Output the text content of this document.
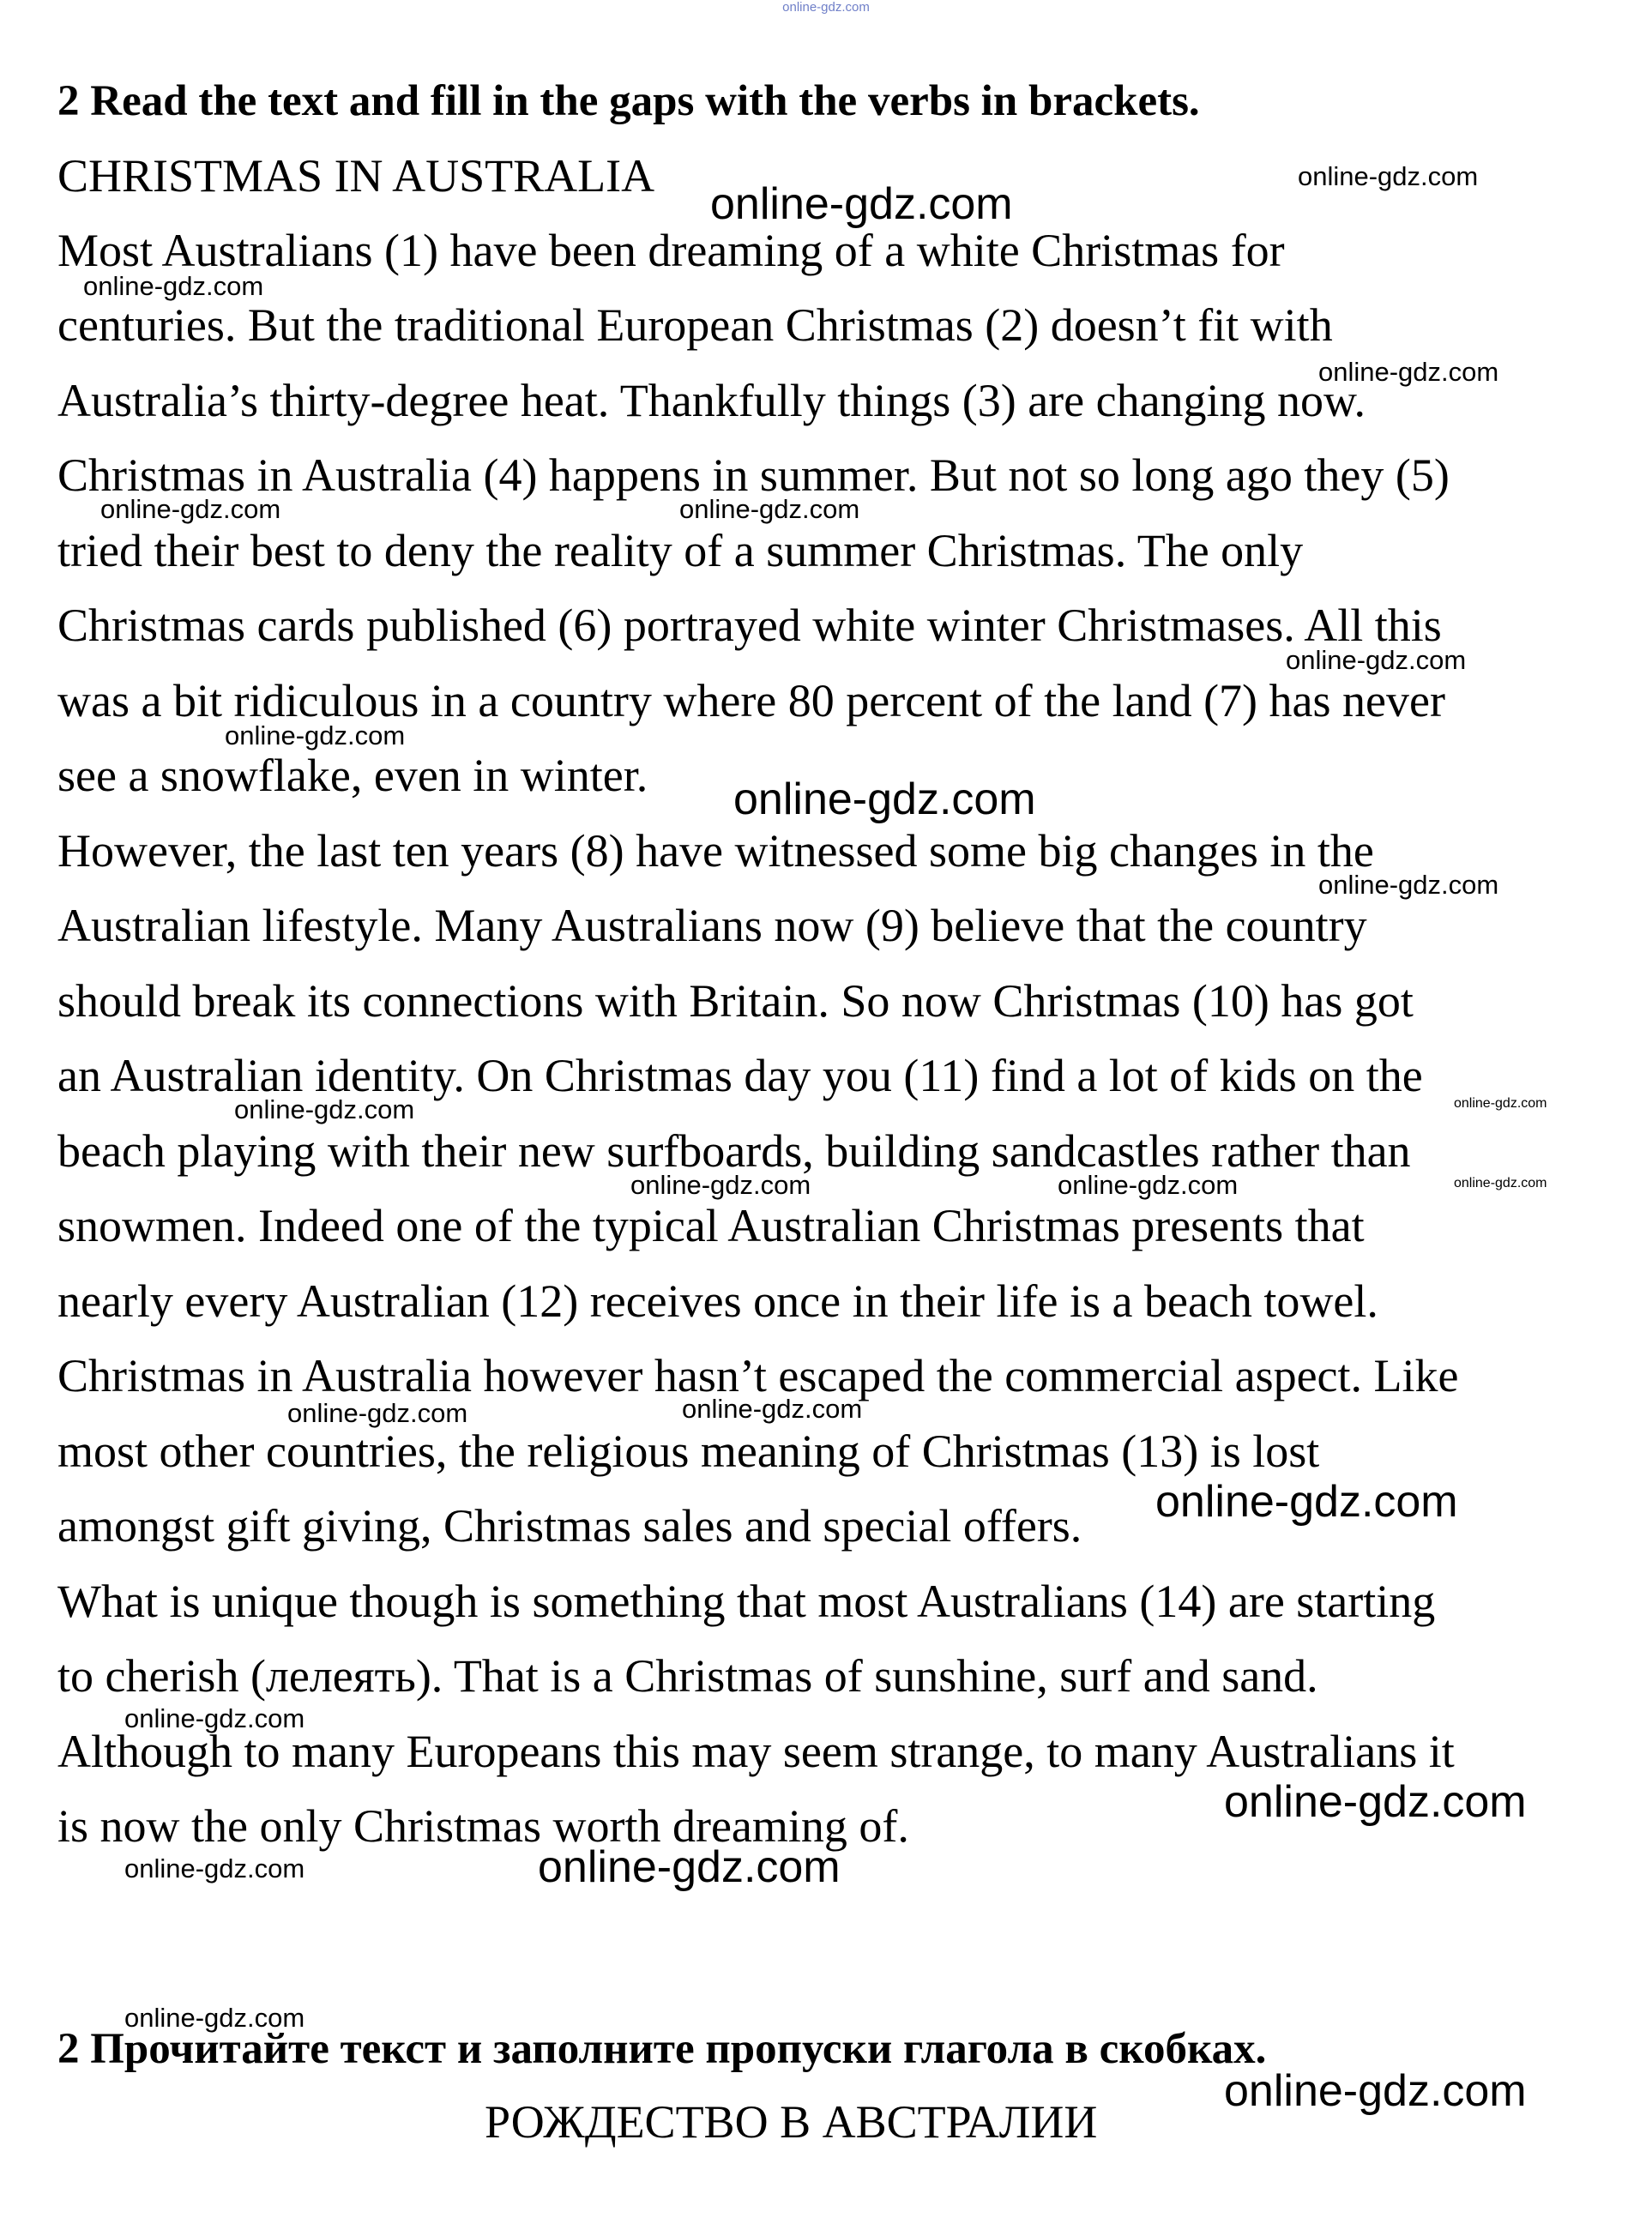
online-gdz.com
2 Read the text and fill in the gaps with the verbs in brackets.
CHRISTMAS IN AUSTRALIA
Most Australians (1) have been dreaming of a white Christmas for
centuries. But the traditional European Christmas (2) doesn’t fit with
Australia’s thirty-degree heat. Thankfully things (3) are changing now.
Christmas in Australia (4) happens in summer. But not so long ago they (5)
tried their best to deny the reality of a summer Christmas. The only
Christmas cards published (6) portrayed white winter Christmases. All this
was a bit ridiculous in a country where 80 percent of the land (7) has never
see a snowflake, even in winter.
However, the last ten years (8) have witnessed some big changes in the
Australian lifestyle. Many Australians now (9) believe that the country
should break its connections with Britain. So now Christmas (10) has got
an Australian identity. On Christmas day you (11) find a lot of kids on the
beach playing with their new surfboards, building sandcastles rather than
snowmen. Indeed one of the typical Australian Christmas presents that
nearly every Australian (12) receives once in their life is a beach towel.
Christmas in Australia however hasn’t escaped the commercial aspect. Like
most other countries, the religious meaning of Christmas (13) is lost
amongst gift giving, Christmas sales and special offers.
What is unique though is something that most Australians (14) are starting
to cherish (лелеять). That is a Christmas of sunshine, surf and sand.
Although to many Europeans this may seem strange, to many Australians it
is now the only Christmas worth dreaming of.
2 Прочитайте текст и заполните пропуски глагола в скобках.
РОЖДЕСТВО В АВСТРАЛИИ
online-gdz.com
online-gdz.com
online-gdz.com
online-gdz.com
online-gdz.com	online-gdz.com
online-gdz.com
online-gdz.com
online-gdz.com
online-gdz.com
online-gdz.com	online-gdz.com
online-gdz.com	online-gdz.com	online-gdz.com
online-gdz.com	online-gdz.com
online-gdz.com
online-gdz.com
online-gdz.com
online-gdz.com	online-gdz.com
online-gdz.com
online-gdz.com
